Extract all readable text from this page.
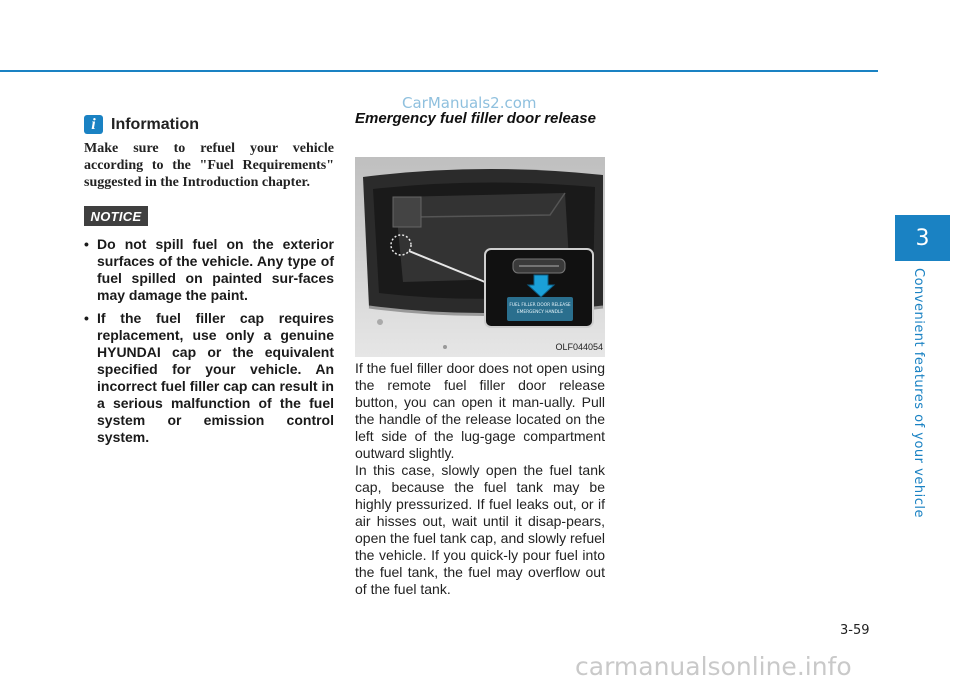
CarManuals2.com
i Information
Make sure to refuel your vehicle according to the "Fuel Requirements" suggested in the Introduction chapter.
NOTICE
• Do not spill fuel on the exterior surfaces of the vehicle. Any type of fuel spilled on painted sur-faces may damage the paint.
• If the fuel filler cap requires replacement, use only a genuine HYUNDAI cap or the equivalent specified for your vehicle. An incorrect fuel filler cap can result in a serious malfunction of the fuel system or emission control system.
Emergency fuel filler door release
FUEL FILLER DOOR RELEASE
EMERGENCY HANDLE
OLF044054

If the fuel filler door does not open using the remote fuel filler door release button, you can open it man-ually. Pull the handle of the release located on the left side of the lug-gage compartment outward slightly.

In this case, slowly open the fuel tank cap, because the fuel tank may be highly pressurized. If fuel leaks out, or if air hisses out, wait until it disap-pears, open the fuel tank cap, and slowly refuel the vehicle. If you quick-ly pour fuel into the fuel tank, the fuel may overflow out of the fuel tank.

3
Convenient features of your vehicle
3-59
carmanualsonline.info
